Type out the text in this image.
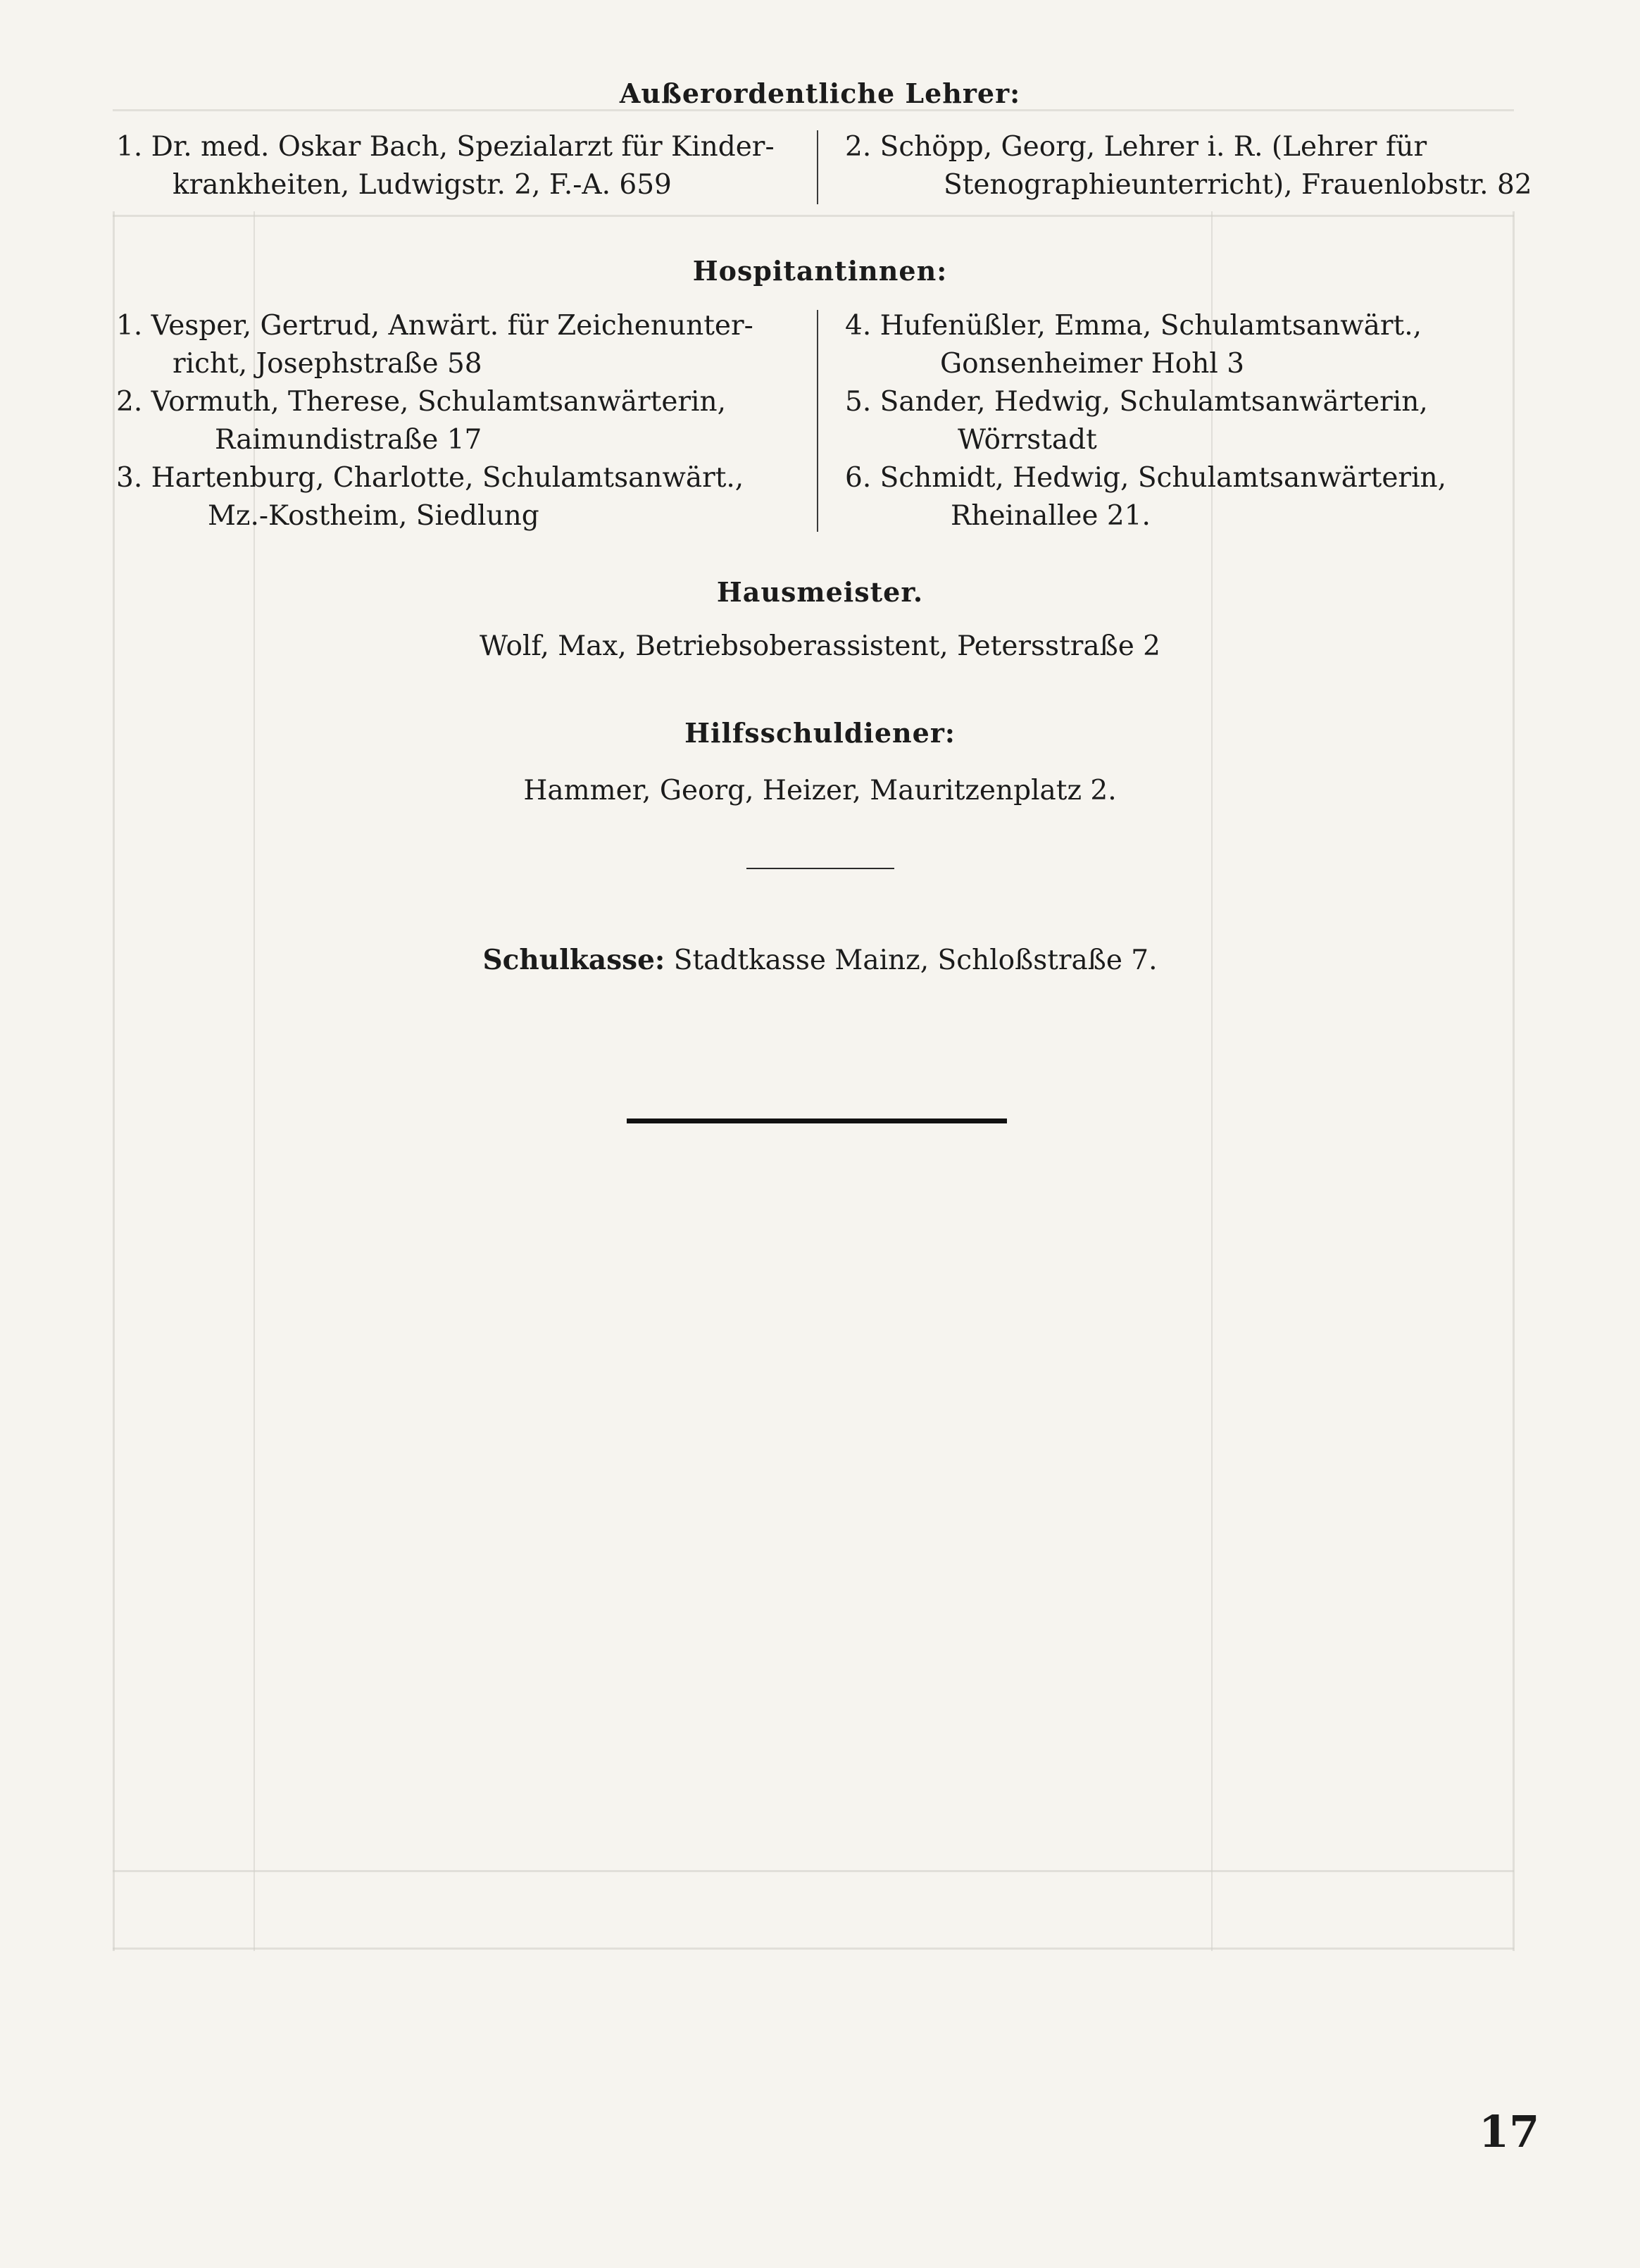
Außerordentliche Lehrer:
1. Dr. med. Oskar Bach, Spezialarzt für Kinder-
krankheiten, Ludwigstr. 2, F.-A. 659
2. Schöpp, Georg, Lehrer i. R. (Lehrer für
Stenographieunterricht), Frauenlobstr. 82
Hospitantinnen:
1. Vesper, Gertrud, Anwärt. für Zeichenunter-
richt, Josephstraße 58
2. Vormuth, Therese, Schulamtsanwärterin,
Raimundistraße 17
3. Hartenburg, Charlotte, Schulamtsanwärt.,
Mz.-Kostheim, Siedlung
4. Hufenüßler, Emma, Schulamtsanwärt.,
Gonsenheimer Hohl 3
5. Sander, Hedwig, Schulamtsanwärterin,
Wörrstadt
6. Schmidt, Hedwig, Schulamtsanwärterin,
Rheinallee 21.
Hausmeister.
Wolf, Max, Betriebsoberassistent, Petersstraße 2
Hilfsschuldiener:
Hammer, Georg, Heizer, Mauritzenplatz 2.
Schulkasse: Stadtkasse Mainz, Schloßstraße 7.
17
